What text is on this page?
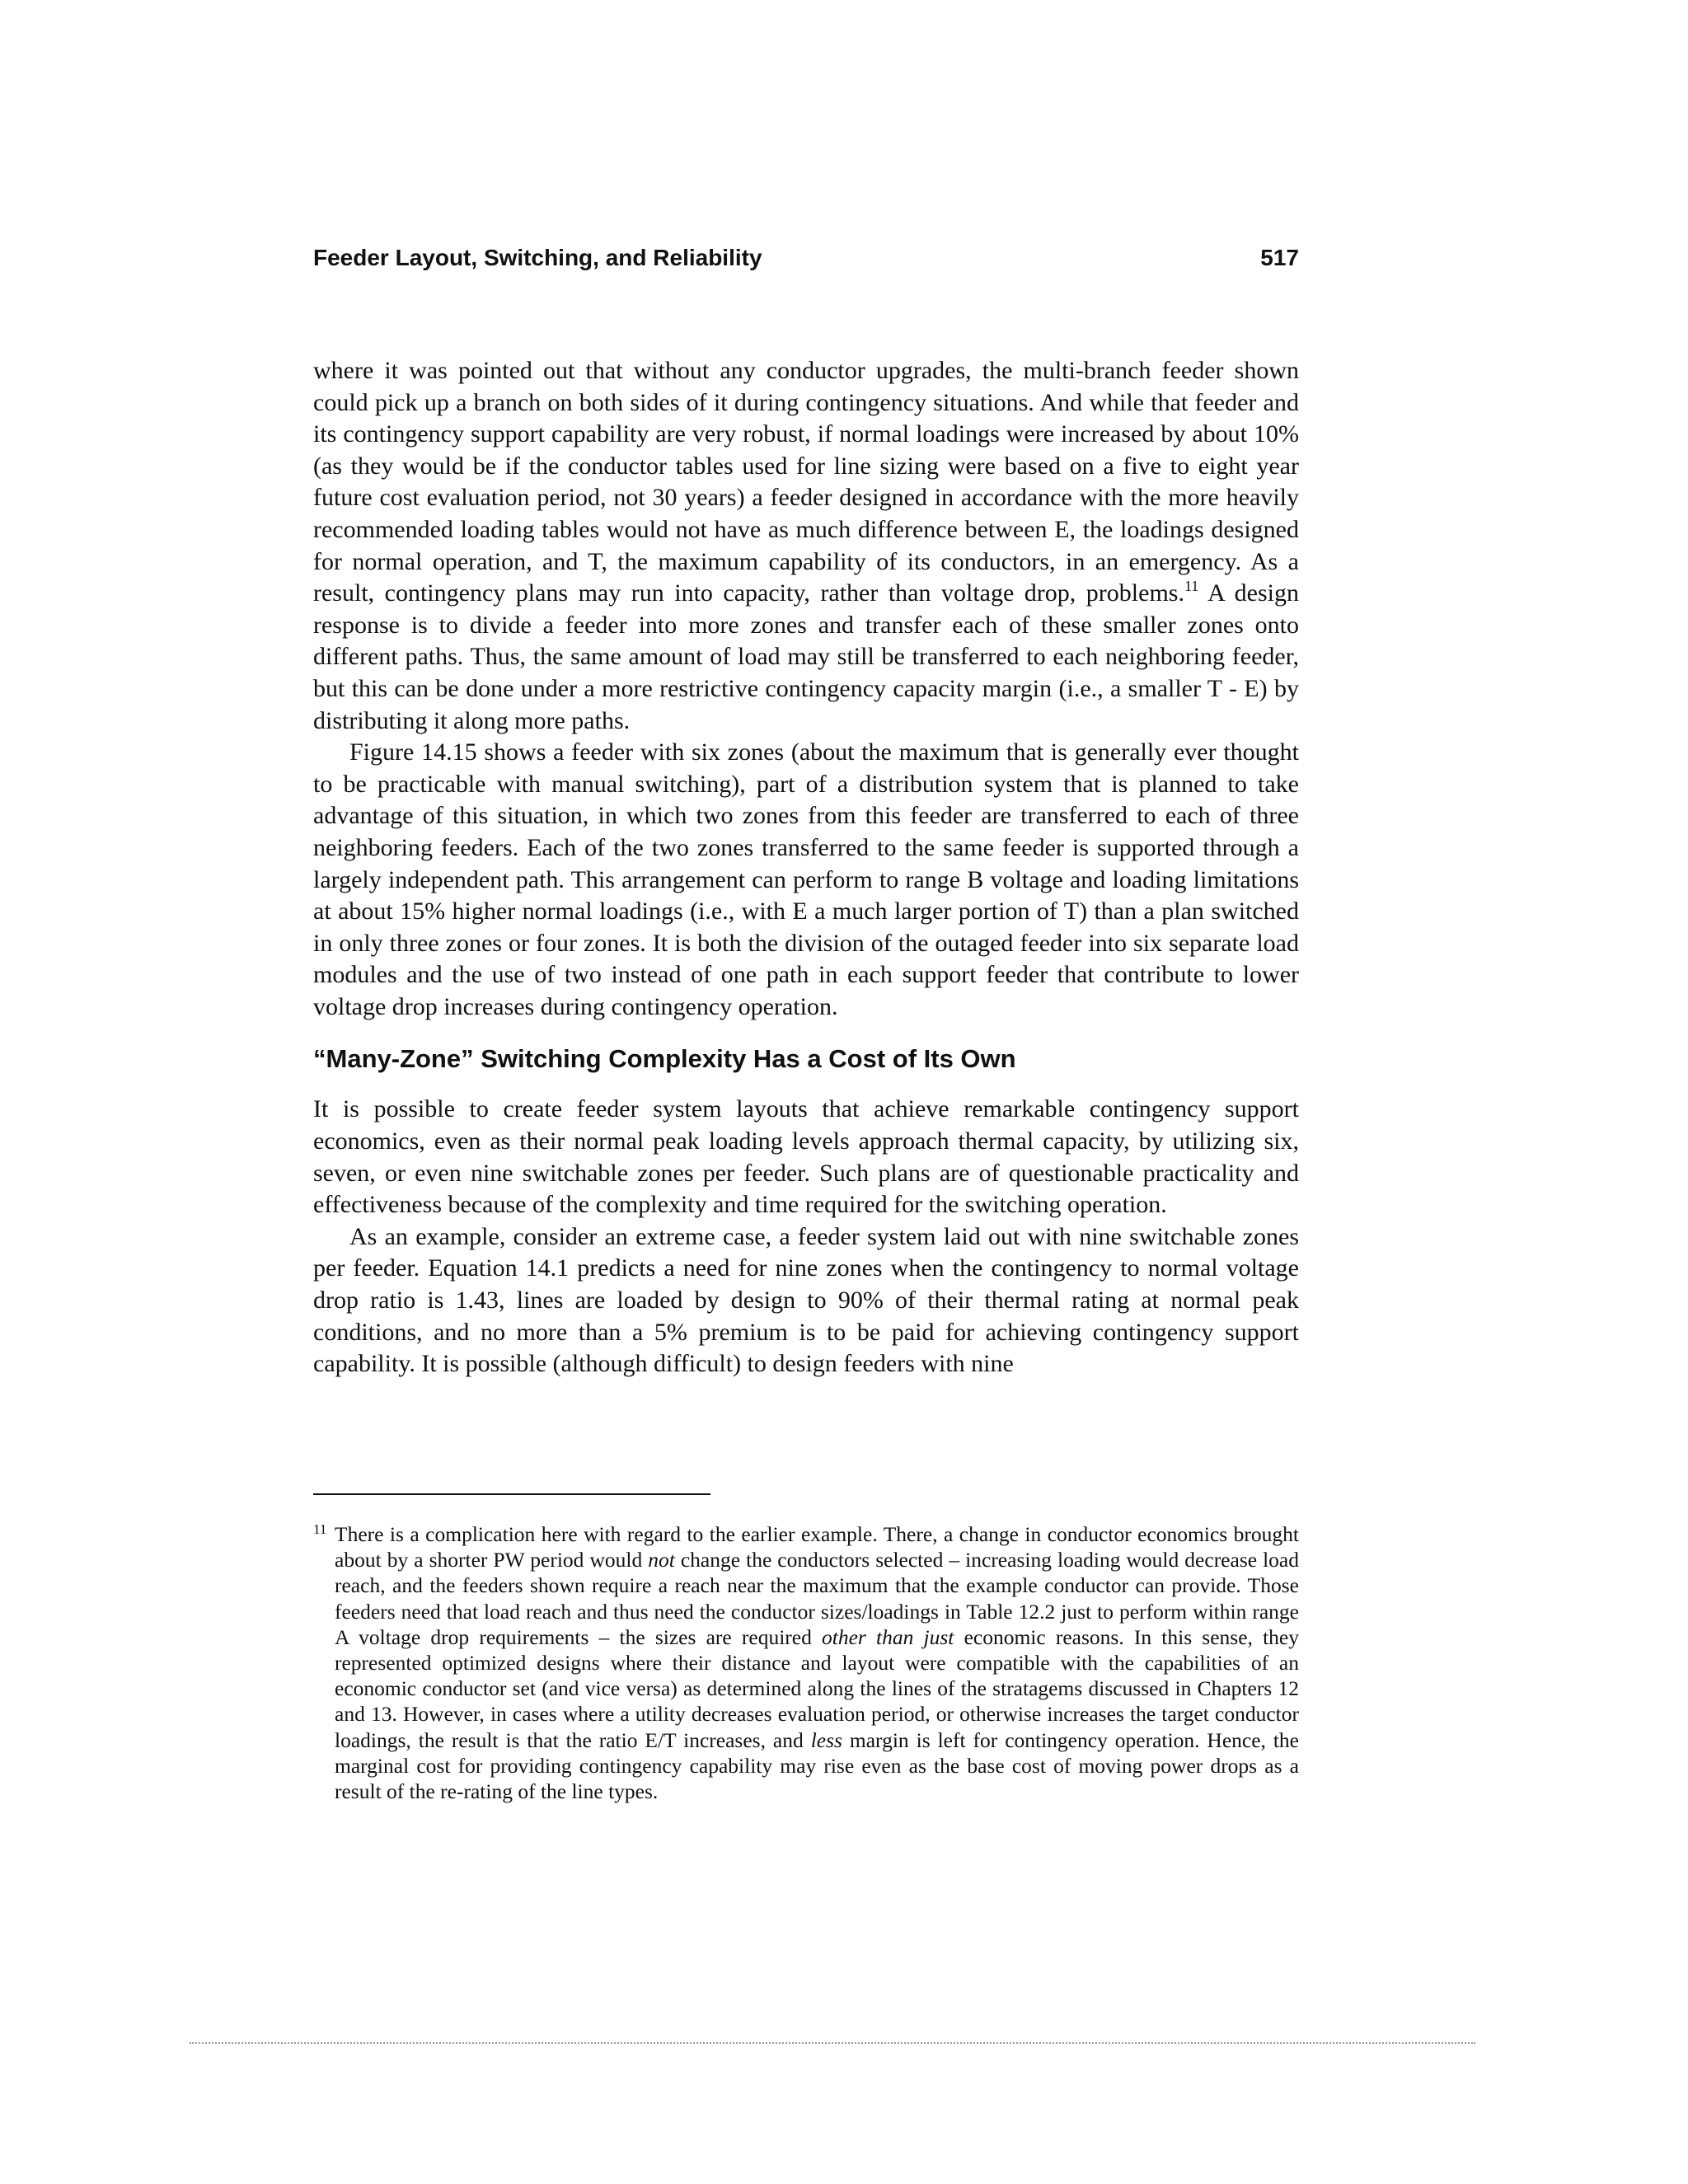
Feeder Layout, Switching, and Reliability	517

where it was pointed out that without any conductor upgrades, the multi-branch feeder shown could pick up a branch on both sides of it during contingency situations. And while that feeder and its contingency support capability are very robust, if normal loadings were increased by about 10% (as they would be if the conductor tables used for line sizing were based on a five to eight year future cost evaluation period, not 30 years) a feeder designed in accordance with the more heavily recommended loading tables would not have as much difference between E, the loadings designed for normal operation, and T, the maximum capability of its conductors, in an emergency. As a result, contingency plans may run into capacity, rather than voltage drop, problems.$^{11}$ A design response is to divide a feeder into more zones and transfer each of these smaller zones onto different paths. Thus, the same amount of load may still be transferred to each neighboring feeder, but this can be done under a more restrictive contingency capacity margin (i.e., a smaller T - E) by distributing it along more paths.

Figure 14.15 shows a feeder with six zones (about the maximum that is generally ever thought to be practicable with manual switching), part of a distribution system that is planned to take advantage of this situation, in which two zones from this feeder are transferred to each of three neighboring feeders. Each of the two zones transferred to the same feeder is supported through a largely independent path. This arrangement can perform to range B voltage and loading limitations at about 15% higher normal loadings (i.e., with E a much larger portion of T) than a plan switched in only three zones or four zones. It is both the division of the outaged feeder into six separate load modules and the use of two instead of one path in each support feeder that contribute to lower voltage drop increases during contingency operation.

“Many-Zone” Switching Complexity Has a Cost of Its Own

It is possible to create feeder system layouts that achieve remarkable contingency support economics, even as their normal peak loading levels approach thermal capacity, by utilizing six, seven, or even nine switchable zones per feeder. Such plans are of questionable practicality and effectiveness because of the complexity and time required for the switching operation.

As an example, consider an extreme case, a feeder system laid out with nine switchable zones per feeder. Equation 14.1 predicts a need for nine zones when the contingency to normal voltage drop ratio is 1.43, lines are loaded by design to 90% of their thermal rating at normal peak conditions, and no more than a 5% premium is to be paid for achieving contingency support capability. It is possible (although difficult) to design feeders with nine

11 There is a complication here with regard to the earlier example. There, a change in conductor economics brought about by a shorter PW period would not change the conductors selected – increasing loading would decrease load reach, and the feeders shown require a reach near the maximum that the example conductor can provide. Those feeders need that load reach and thus need the conductor sizes/loadings in Table 12.2 just to perform within range A voltage drop requirements – the sizes are required other than just economic reasons. In this sense, they represented optimized designs where their distance and layout were compatible with the capabilities of an economic conductor set (and vice versa) as determined along the lines of the stratagems discussed in Chapters 12 and 13. However, in cases where a utility decreases evaluation period, or otherwise increases the target conductor loadings, the result is that the ratio E/T increases, and less margin is left for contingency operation. Hence, the marginal cost for providing contingency capability may rise even as the base cost of moving power drops as a result of the re-rating of the line types.
